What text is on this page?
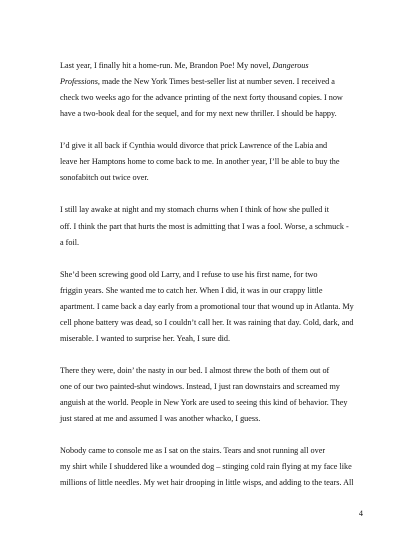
Last year, I finally hit a home-run. Me, Brandon Poe! My novel, Dangerous
Professions, made the New York Times best-seller list at number seven. I received a
check two weeks ago for the advance printing of the next forty thousand copies. I now
have a two-book deal for the sequel, and for my next new thriller. I should be happy.

I’d give it all back if Cynthia would divorce that prick Lawrence of the Labia and
leave her Hamptons home to come back to me. In another year, I’ll be able to buy the
sonofabitch out twice over.

I still lay awake at night and my stomach churns when I think of how she pulled it
off. I think the part that hurts the most is admitting that I was a fool. Worse, a schmuck -
a foil.

She’d been screwing good old Larry, and I refuse to use his first name, for two
friggin years. She wanted me to catch her. When I did, it was in our crappy little
apartment. I came back a day early from a promotional tour that wound up in Atlanta. My
cell phone battery was dead, so I couldn’t call her. It was raining that day. Cold, dark, and
miserable. I wanted to surprise her. Yeah, I sure did.

There they were, doin’ the nasty in our bed. I almost threw the both of them out of
one of our two painted-shut windows. Instead, I just ran downstairs and screamed my
anguish at the world. People in New York are used to seeing this kind of behavior. They
just stared at me and assumed I was another whacko, I guess.

Nobody came to console me as I sat on the stairs. Tears and snot running all over
my shirt while I shuddered like a wounded dog – stinging cold rain flying at my face like
millions of little needles. My wet hair drooping in little wisps, and adding to the tears. All

4
